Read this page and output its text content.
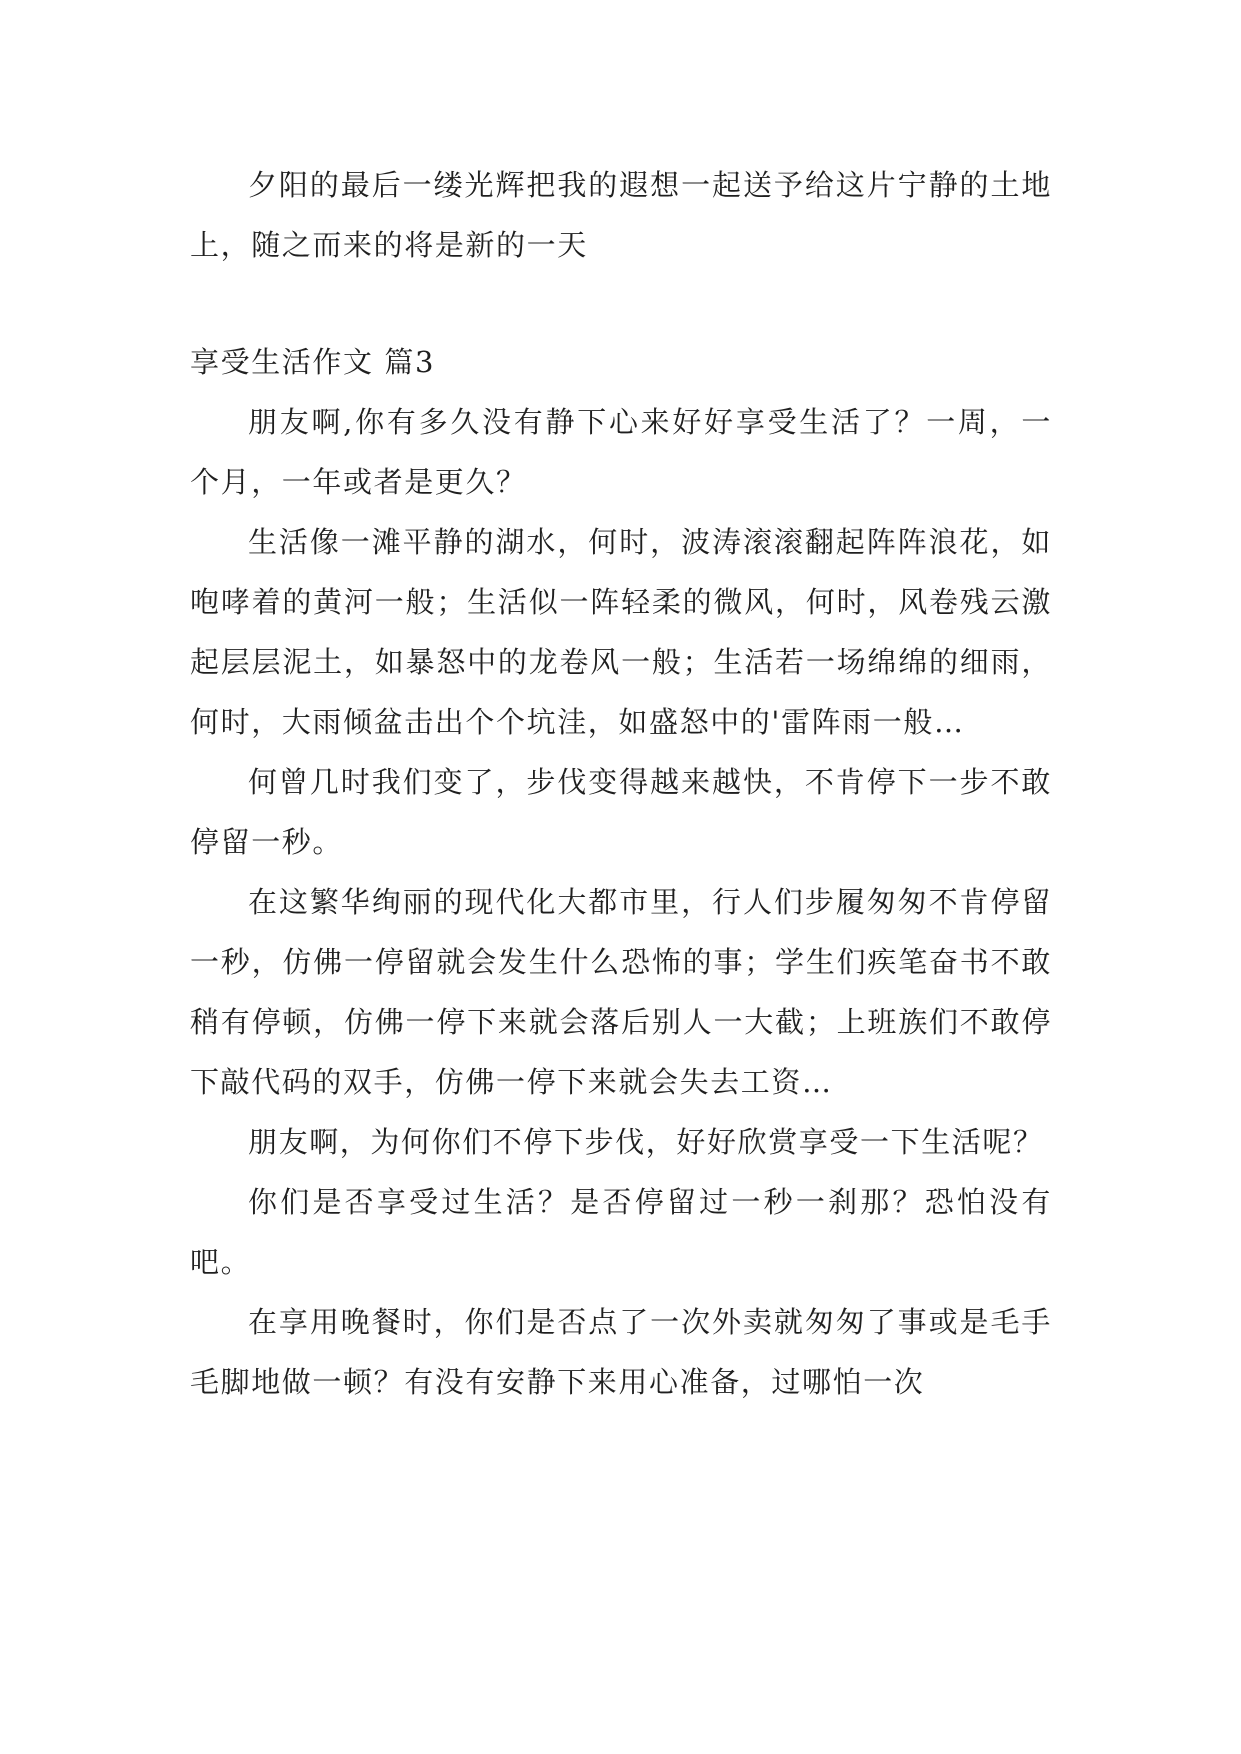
夕阳的最后一缕光辉把我的遐想一起送予给这片宁静的土地上，随之而来的将是新的一天

享受生活作文 篇3

朋友啊,你有多久没有静下心来好好享受生活了？一周，一个月，一年或者是更久？

生活像一滩平静的湖水，何时，波涛滚滚翻起阵阵浪花，如咆哮着的黄河一般；生活似一阵轻柔的微风，何时，风卷残云激起层层泥土，如暴怒中的龙卷风一般；生活若一场绵绵的细雨，何时，大雨倾盆击出个个坑洼，如盛怒中的'雷阵雨一般…

何曾几时我们变了，步伐变得越来越快，不肯停下一步不敢停留一秒。

在这繁华绚丽的现代化大都市里，行人们步履匆匆不肯停留一秒，仿佛一停留就会发生什么恐怖的事；学生们疾笔奋书不敢稍有停顿，仿佛一停下来就会落后别人一大截；上班族们不敢停下敲代码的双手，仿佛一停下来就会失去工资…

朋友啊，为何你们不停下步伐，好好欣赏享受一下生活呢？

你们是否享受过生活？是否停留过一秒一刹那？恐怕没有吧。

在享用晚餐时，你们是否点了一次外卖就匆匆了事或是毛手毛脚地做一顿？有没有安静下来用心准备，过哪怕一次
